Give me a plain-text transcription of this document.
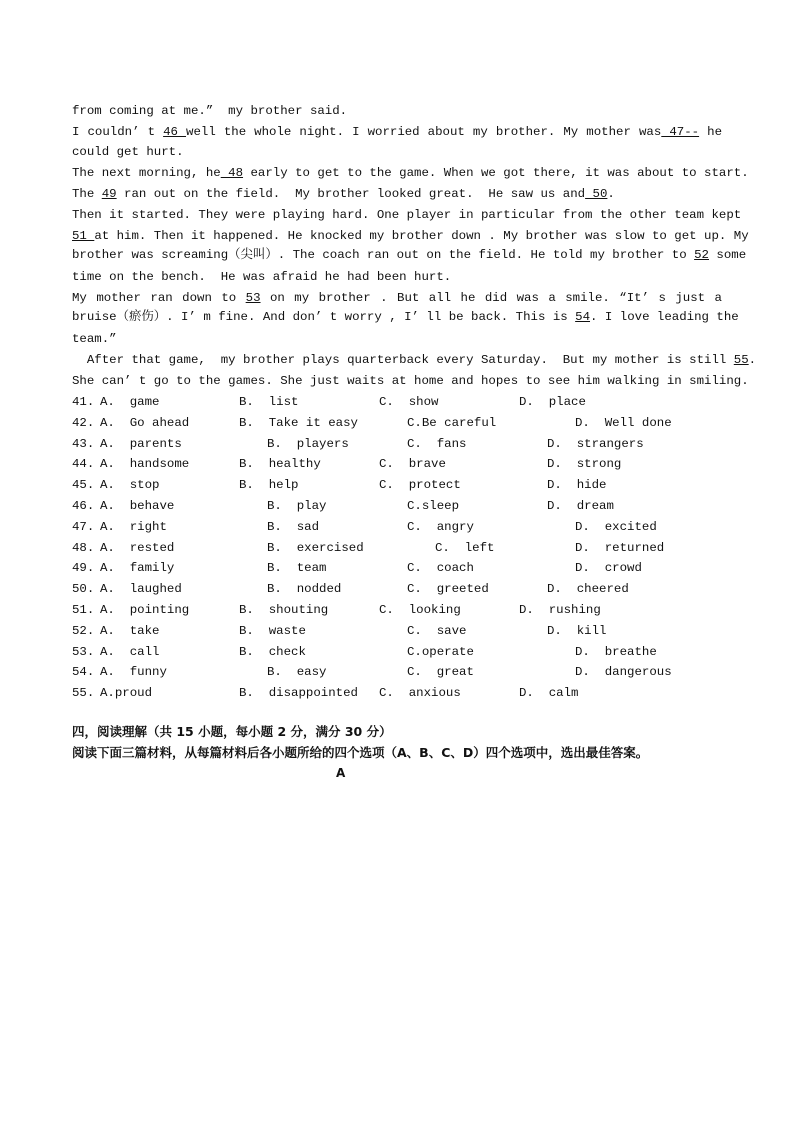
from coming at me.”  my brother said.
I couldn’ t 46 well the whole night. I worried about my brother. My mother was 47-- he
could get hurt.
The next morning, he 48 early to get to the game. When we got there, it was about to start.
The 49 ran out on the field.  My brother looked great.  He saw us and 50.
Then it started. They were playing hard. One player in particular from the other team kept
51 at him. Then it happened. He knocked my brother down . My brother was slow to get up. My
brother was screaming（尖叫）. The coach ran out on the field. He told my brother to 52 some
time on the bench.  He was afraid he had been hurt.
My mother ran down to 53 on my brother . But all he did was a smile. “It’ s just a
bruise（瘀伤）. I’ m fine. And don’ t worry , I’ ll be back. This is 54. I love leading the
team.”
After that game,  my brother plays quarterback every Saturday.  But my mother is still 55.
She can’ t go to the games. She just waits at home and hopes to see him walking in smiling.
41. A.  game	B.  list	C.  show	D.  place
42. A.  Go ahead	B.  Take it easy	C.Be careful	D.  Well done
43. A.  parents	B.  players	C.  fans	D.  strangers
44. A.  handsome	B.  healthy	C.  brave	D.  strong
45. A.  stop	B.  help	C.  protect	D.  hide
46. A.  behave	B.  play	C.sleep	D.  dream
47. A.  right	B.  sad	C.  angry	D.  excited
48. A.  rested	B.  exercised	C.  left	D.  returned
49. A.  family	B.  team	C.  coach	D.  crowd
50. A.  laughed	B.  nodded	C.  greeted	D.  cheered
51. A.  pointing	B.  shouting	C.  looking	D.  rushing
52. A.  take	B.  waste	C.  save	D.  kill
53. A.  call	B.  check	C.operate	D.  breathe
54. A.  funny	B.  easy	C.  great	D.  dangerous
55. A.proud	B.  disappointed C.  anxious	D.  calm
四，阅读理解（共 15 小题，每小题 2 分，满分 30 分）
阅读下面三篇材料，从每篇材料后各小题所给的四个选项（A、B、C、D）四个选项中，选出最佳答案。
A
